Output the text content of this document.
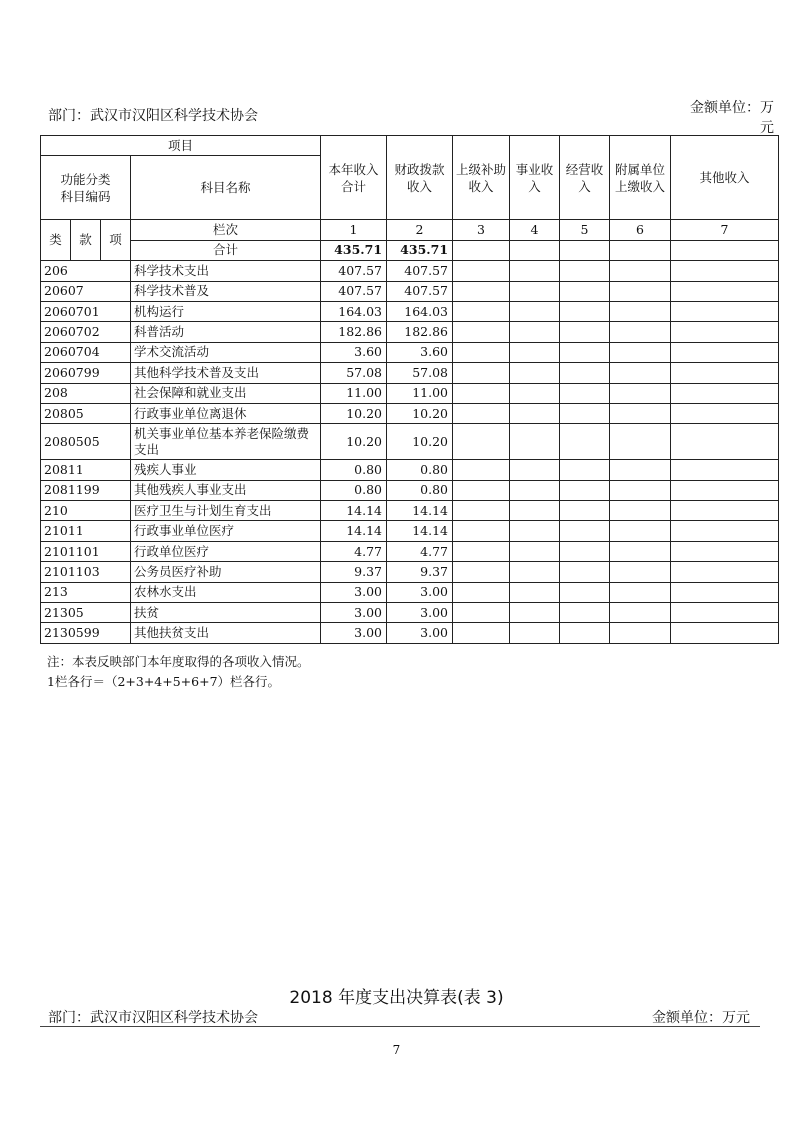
部门：武汉市汉阳区科学技术协会	金额单位：万元
项目				本年收入合计	财政拨款收入	上级补助收入	事业收入	经营收入	附属单位上缴收入	其他收入
功能分类科目编码			科目名称							
类	款	项	栏次	1	2	3	4	5	6	7
			合计	435.71	435.71					
206			科学技术支出	407.57	407.57					
20607			科学技术普及	407.57	407.57					
2060701			机构运行	164.03	164.03					
2060702			科普活动	182.86	182.86					
2060704			学术交流活动	3.60	3.60					
2060799			其他科学技术普及支出	57.08	57.08					
208			社会保障和就业支出	11.00	11.00					
20805			行政事业单位离退休	10.20	10.20					
2080505			机关事业单位基本养老保险缴费支出	10.20	10.20					
20811			残疾人事业	0.80	0.80					
2081199			其他残疾人事业支出	0.80	0.80					
210			医疗卫生与计划生育支出	14.14	14.14					
21011			行政事业单位医疗	14.14	14.14					
2101101			行政单位医疗	4.77	4.77					
2101103			公务员医疗补助	9.37	9.37					
213			农林水支出	3.00	3.00					
21305			扶贫	3.00	3.00					
2130599			其他扶贫支出	3.00	3.00					
注：本表反映部门本年度取得的各项收入情况。
1栏各行＝（2+3+4+5+6+7）栏各行。
2018 年度支出决算表(表 3)
部门：武汉市汉阳区科学技术协会	金额单位：万元
7
